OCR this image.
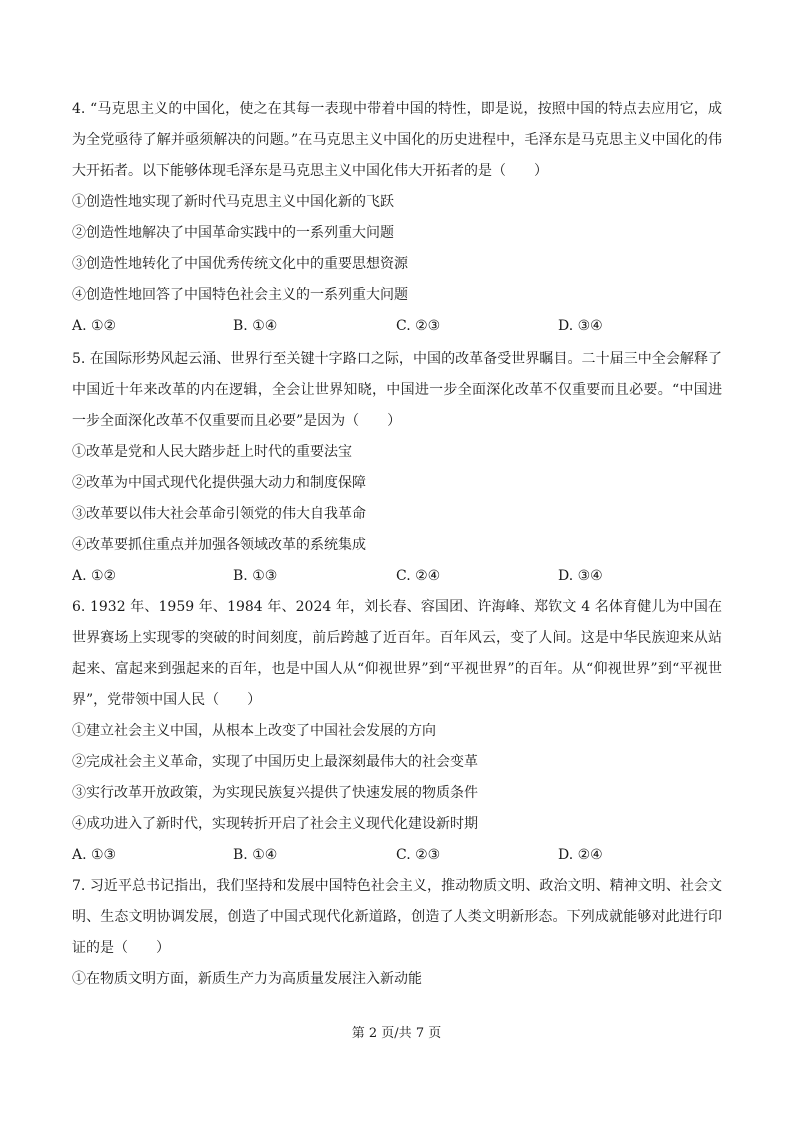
4. “马克思主义的中国化，使之在其每一表现中带着中国的特性，即是说，按照中国的特点去应用它，成为全党亟待了解并亟须解决的问题。”在马克思主义中国化的历史进程中，毛泽东是马克思主义中国化的伟大开拓者。以下能够体现毛泽东是马克思主义中国化伟大开拓者的是（　　）

①创造性地实现了新时代马克思主义中国化新的飞跃

②创造性地解决了中国革命实践中的一系列重大问题

③创造性地转化了中国优秀传统文化中的重要思想资源

④创造性地回答了中国特色社会主义的一系列重大问题

A. ①②	B. ①④	C. ②③	D. ③④

5. 在国际形势风起云涌、世界行至关键十字路口之际，中国的改革备受世界瞩目。二十届三中全会解释了中国近十年来改革的内在逻辑，全会让世界知晓，中国进一步全面深化改革不仅重要而且必要。“中国进一步全面深化改革不仅重要而且必要”是因为（　　）

①改革是党和人民大踏步赶上时代的重要法宝

②改革为中国式现代化提供强大动力和制度保障

③改革要以伟大社会革命引领党的伟大自我革命

④改革要抓住重点并加强各领域改革的系统集成

A. ①②	B. ①③	C. ②④	D. ③④

6. 1932 年、1959 年、1984 年、2024 年，刘长春、容国团、许海峰、郑钦文 4 名体育健儿为中国在世界赛场上实现零的突破的时间刻度，前后跨越了近百年。百年风云，变了人间。这是中华民族迎来从站起来、富起来到强起来的百年，也是中国人从“仰视世界”到“平视世界”的百年。从“仰视世界”到“平视世界”，党带领中国人民（　　）

①建立社会主义中国，从根本上改变了中国社会发展的方向

②完成社会主义革命，实现了中国历史上最深刻最伟大的社会变革

③实行改革开放政策，为实现民族复兴提供了快速发展的物质条件

④成功进入了新时代，实现转折开启了社会主义现代化建设新时期

A. ①③	B. ①④	C. ②③	D. ②④

7. 习近平总书记指出，我们坚持和发展中国特色社会主义，推动物质文明、政治文明、精神文明、社会文明、生态文明协调发展，创造了中国式现代化新道路，创造了人类文明新形态。下列成就能够对此进行印证的是（　　）

①在物质文明方面，新质生产力为高质量发展注入新动能

第 2 页/共 7 页
